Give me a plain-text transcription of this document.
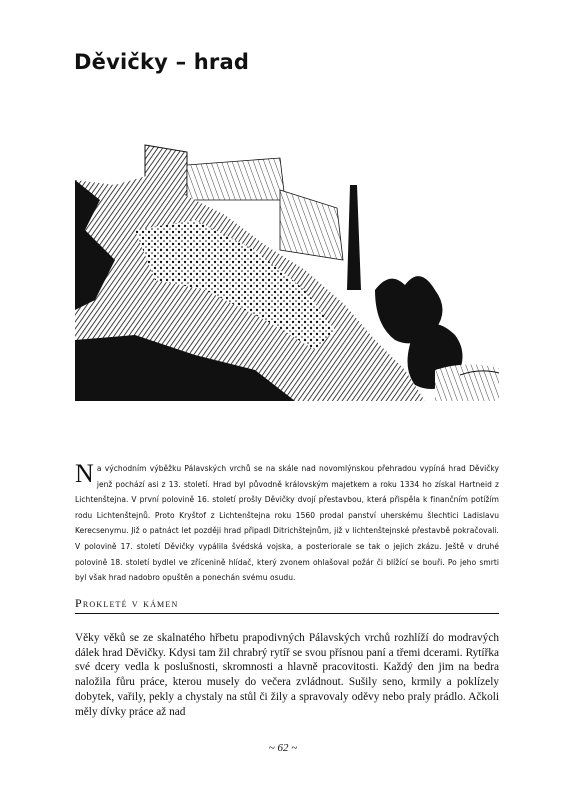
Děvičky – hrad
Na východním výběžku Pálavských vrchů se na skále nad novomlýnskou přehradou vypíná hrad Děvičky jenž pochází asi z 13. století. Hrad byl původně královským majetkem a roku 1334 ho získal Hartneid z Lichtenštejna. V první polovině 16. století prošly Děvičky dvojí přestavbou, která přispěla k finančním potížím rodu Lichtenštejnů. Proto Kryštof z Lichtenštejna roku 1560 prodal panství uherskému šlechtici Ladislavu Kerecsenymu. Již o patnáct let později hrad připadl Ditrichštejnům, již v lichtenštejnské přestavbě pokračovali. V polovině 17. století Děvičky vypálila švédská vojska, a posteriorale se tak o jejich zkázu. Ještě v druhé polovině 18. století bydlel ve zřícenině hlídač, který zvonem ohlašoval požár či blížící se bouři. Po jeho smrti byl však hrad nadobro opuštěn a ponechán svému osudu.
Prokleté v kámen
Věky věků se ze skalnatého hřbetu prapodivných Pálavských vrchů rozhlíží do modravých dálek hrad Děvičky. Kdysi tam žil chrabrý rytíř se svou přísnou paní a třemi dcerami. Rytířka své dcery vedla k poslušnosti, skromnosti a hlavně pracovitosti. Každý den jim na bedra naložila fůru práce, kterou musely do večera zvládnout. Sušily seno, krmily a poklízely dobytek, vařily, pekly a chystaly na stůl či žily a spravovaly oděvy nebo praly prádlo. Ačkoli měly dívky práce až nad
~ 62 ~
